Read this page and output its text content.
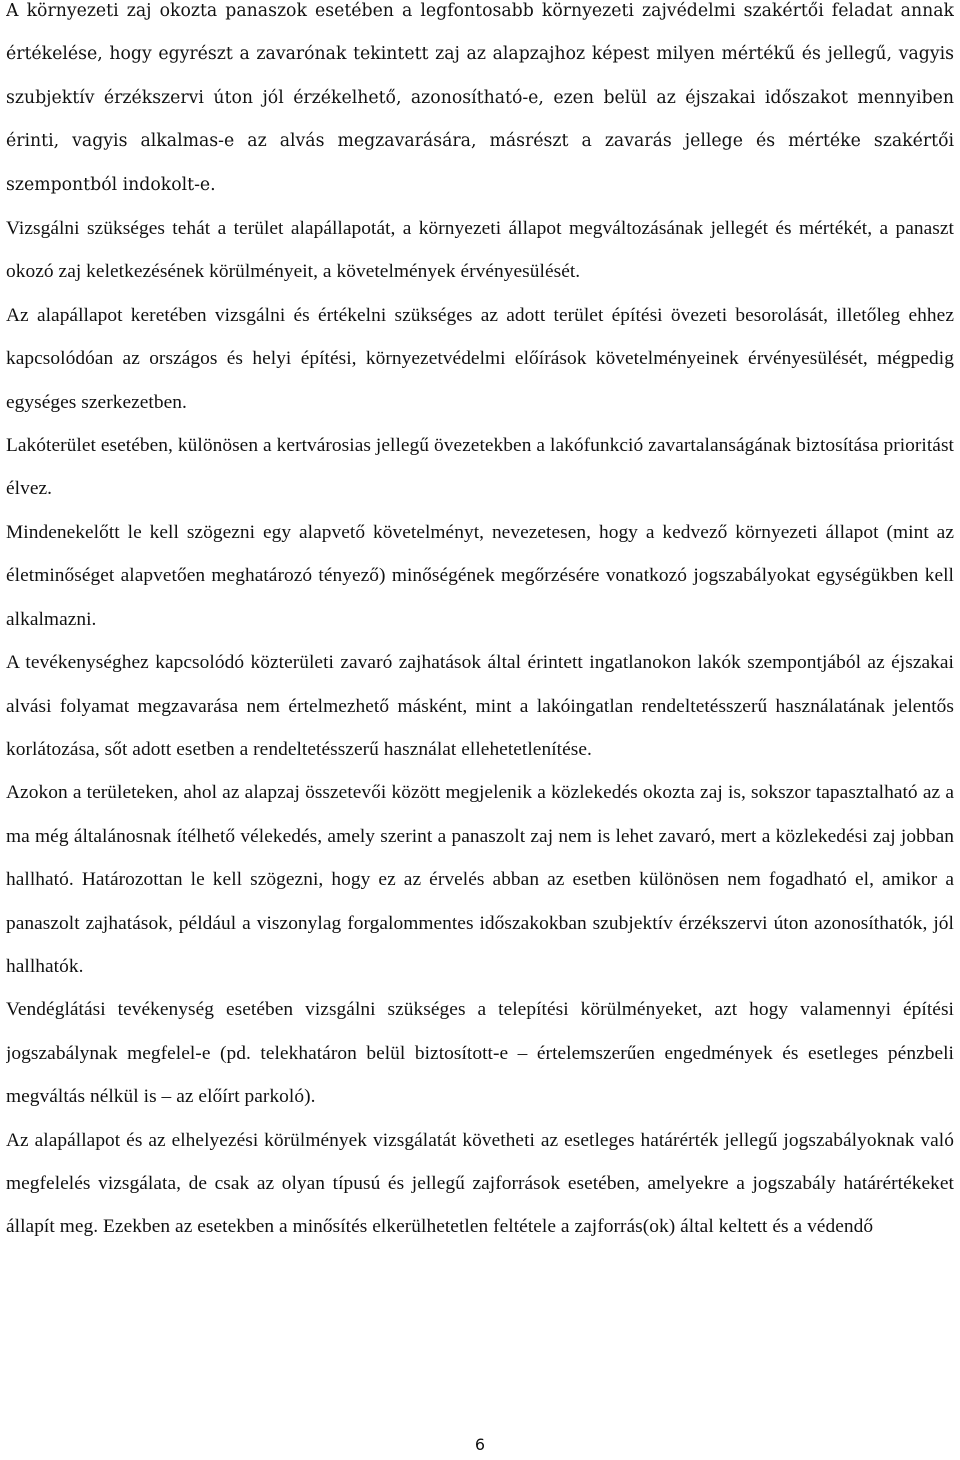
A környezeti zaj okozta panaszok esetében a legfontosabb környezeti zajvédelmi szakértői feladat annak értékelése, hogy egyrészt a zavarónak tekintett zaj az alapzajhoz képest milyen mértékű és jellegű, vagyis szubjektív érzékszervi úton jól érzékelhető, azonosítható-e, ezen belül az éjszakai időszakot mennyiben érinti, vagyis alkalmas-e az alvás megzavarására, másrészt a zavarás jellege és mértéke szakértői szempontból indokolt-e.

Vizsgálni szükséges tehát a terület alapállapotát, a környezeti állapot megváltozásának jellegét és mértékét, a panaszt okozó zaj keletkezésének körülményeit, a követelmények érvényesülését.

Az alapállapot keretében vizsgálni és értékelni szükséges az adott terület építési övezeti besorolását, illetőleg ehhez kapcsolódóan az országos és helyi építési, környezetvédelmi előírások követelményeinek érvényesülését, mégpedig egységes szerkezetben.

Lakóterület esetében, különösen a kertvárosias jellegű övezetekben a lakófunkció zavartalanságának biztosítása prioritást élvez.

Mindenekelőtt le kell szögezni egy alapvető követelményt, nevezetesen, hogy a kedvező környezeti állapot (mint az életminőséget alapvetően meghatározó tényező) minőségének megőrzésére vonatkozó jogszabályokat egységükben kell alkalmazni.

A tevékenységhez kapcsolódó közterületi zavaró zajhatások által érintett ingatlanokon lakók szempontjából az éjszakai alvási folyamat megzavarása nem értelmezhető másként, mint a lakóingatlan rendeltetésszerű használatának jelentős korlátozása, sőt adott esetben a rendeltetésszerű használat ellehetetlenítése.

Azokon a területeken, ahol az alapzaj összetevői között megjelenik a közlekedés okozta zaj is, sokszor tapasztalható az a ma még általánosnak ítélhető vélekedés, amely szerint a panaszolt zaj nem is lehet zavaró, mert a közlekedési zaj jobban hallható. Határozottan le kell szögezni, hogy ez az érvelés abban az esetben különösen nem fogadható el, amikor a panaszolt zajhatások, például a viszonylag forgalommentes időszakokban szubjektív érzékszervi úton azonosíthatók, jól hallhatók.

Vendéglátási tevékenység esetében vizsgálni szükséges a telepítési körülményeket, azt hogy valamennyi építési jogszabálynak megfelel-e (pd. telekhatáron belül biztosított-e – értelemszerűen engedmények és esetleges pénzbeli megváltás nélkül is – az előírt parkoló).

Az alapállapot és az elhelyezési körülmények vizsgálatát követheti az esetleges határérték jellegű jogszabályoknak való megfelelés vizsgálata, de csak az olyan típusú és jellegű zajforrások esetében, amelyekre a jogszabály határértékeket állapít meg. Ezekben az esetekben a minősítés elkerülhetetlen feltétele a zajforrás(ok) által keltett és a védendő

6
